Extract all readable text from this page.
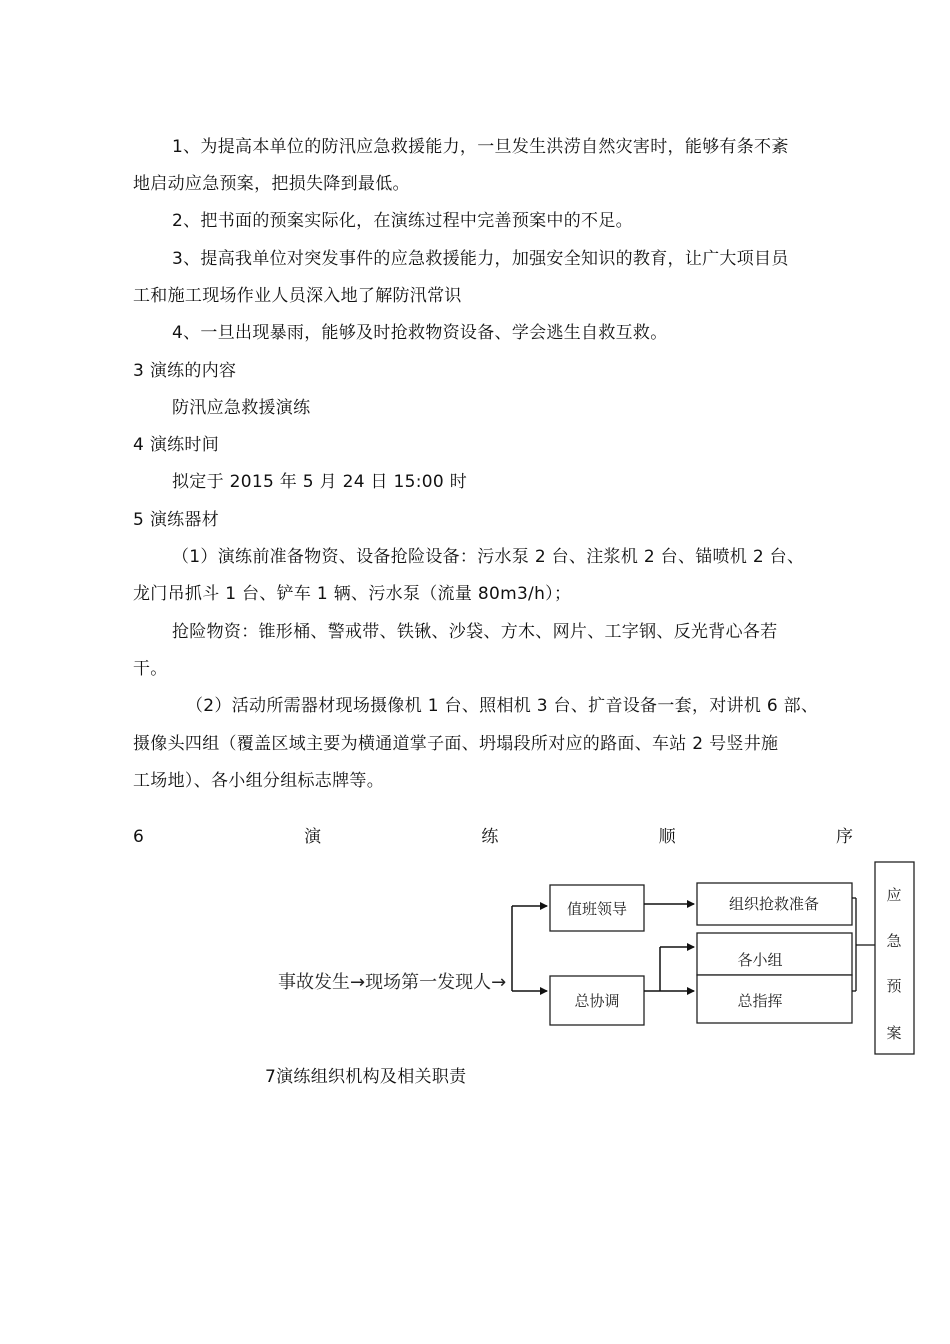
1、为提高本单位的防汛应急救援能力，一旦发生洪涝自然灾害时，能够有条不紊
地启动应急预案，把损失降到最低。
2、把书面的预案实际化，在演练过程中完善预案中的不足。
3、提高我单位对突发事件的应急救援能力，加强安全知识的教育，让广大项目员
工和施工现场作业人员深入地了解防汛常识
4、一旦出现暴雨，能够及时抢救物资设备、学会逃生自救互救。
3 演练的内容
防汛应急救援演练
4 演练时间
拟定于 2015 年 5 月 24 日 15:00 时
5 演练器材
（1）演练前准备物资、设备抢险设备：污水泵 2 台、注浆机 2 台、锚喷机 2 台、
龙门吊抓斗 1 台、铲车 1 辆、污水泵（流量 80m3/h）；
抢险物资：锥形桶、警戒带、铁锹、沙袋、方木、网片、工字钢、反光背心各若
干。
（2）活动所需器材现场摄像机 1 台、照相机 3 台、扩音设备一套，对讲机 6 部、
摄像头四组（覆盖区域主要为横通道掌子面、坍塌段所对应的路面、车站 2 号竖井施
工场地）、各小组分组标志牌等。
6	演	练	顺	序
事故发生→现场第一发现人→
值班领导
总协调
组织抢救准备
各小组
总指挥
应
急
预
案
7演练组织机构及相关职责
